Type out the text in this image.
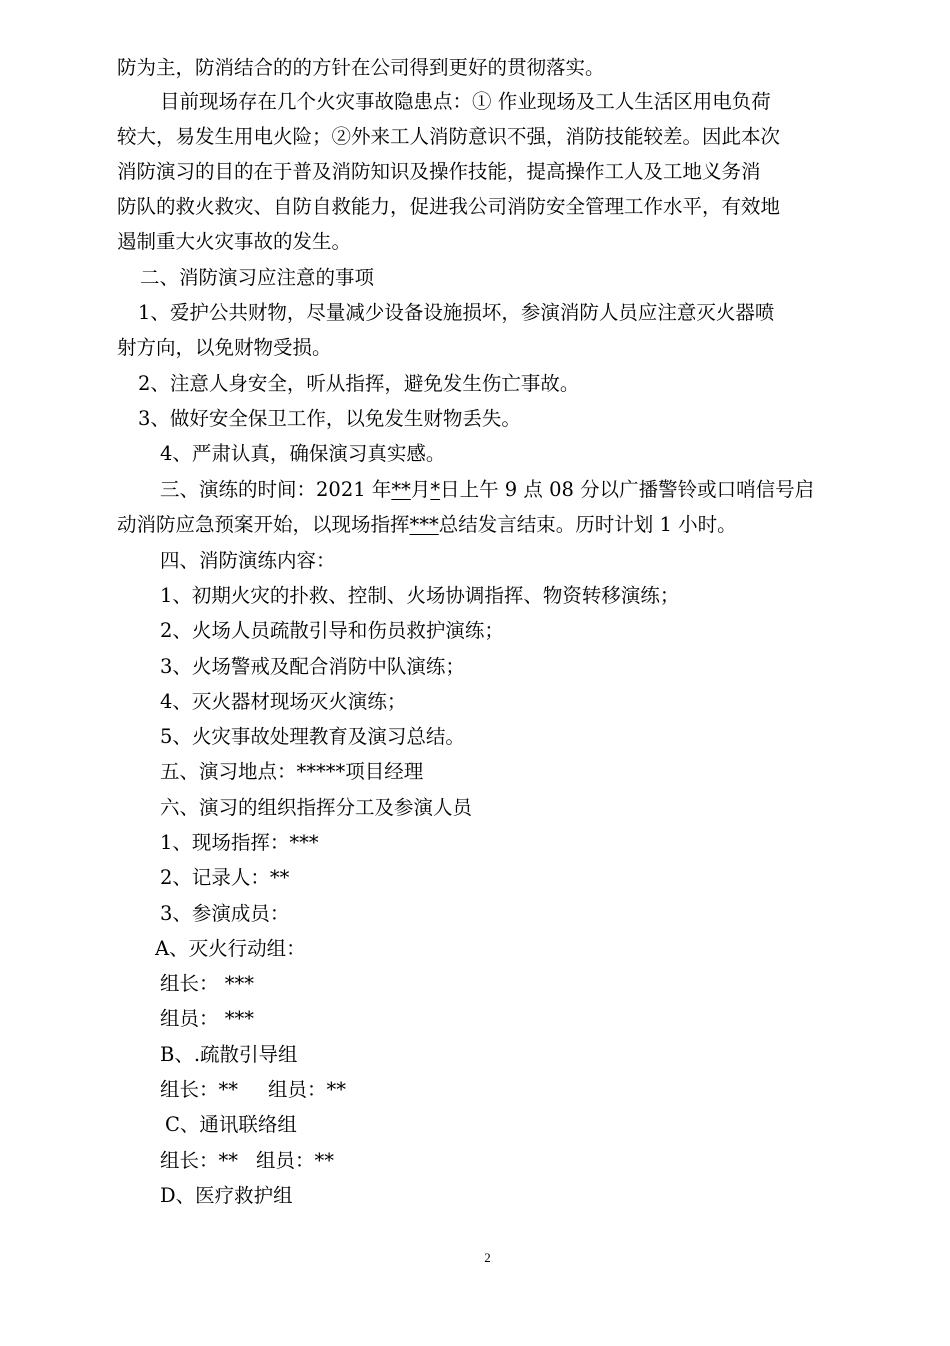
防为主，防消结合的的方针在公司得到更好的贯彻落实。
目前现场存在几个火灾事故隐患点：① 作业现场及工人生活区用电负荷
较大，易发生用电火险；②外来工人消防意识不强，消防技能较差。因此本次
消防演习的目的在于普及消防知识及操作技能，提高操作工人及工地义务消
防队的救火救灾、自防自救能力，促进我公司消防安全管理工作水平，有效地
遏制重大火灾事故的发生。
二、消防演习应注意的事项
1、爱护公共财物，尽量减少设备设施损坏，参演消防人员应注意灭火器喷
射方向，以免财物受损。
2、注意人身安全，听从指挥，避免发生伤亡事故。
3、做好安全保卫工作，以免发生财物丢失。
4、严肃认真，确保演习真实感。
三、演练的时间：2021 年**月*日上午 9 点 08 分以广播警铃或口哨信号启
动消防应急预案开始，以现场指挥***总结发言结束。历时计划 1 小时。
四、消防演练内容：
1、初期火灾的扑救、控制、火场协调指挥、物资转移演练；
2、火场人员疏散引导和伤员救护演练；
3、火场警戒及配合消防中队演练；
4、灭火器材现场灭火演练；
5、火灾事故处理教育及演习总结。
五、演习地点：*****项目经理
六、演习的组织指挥分工及参演人员
1、现场指挥：***
2、记录人：**
3、参演成员：
A、灭火行动组：
组长： ***
组员： ***
B、.疏散引导组
组长：** 组员：**
C、通讯联络组
组长：** 组员：**
D、医疗救护组
2
